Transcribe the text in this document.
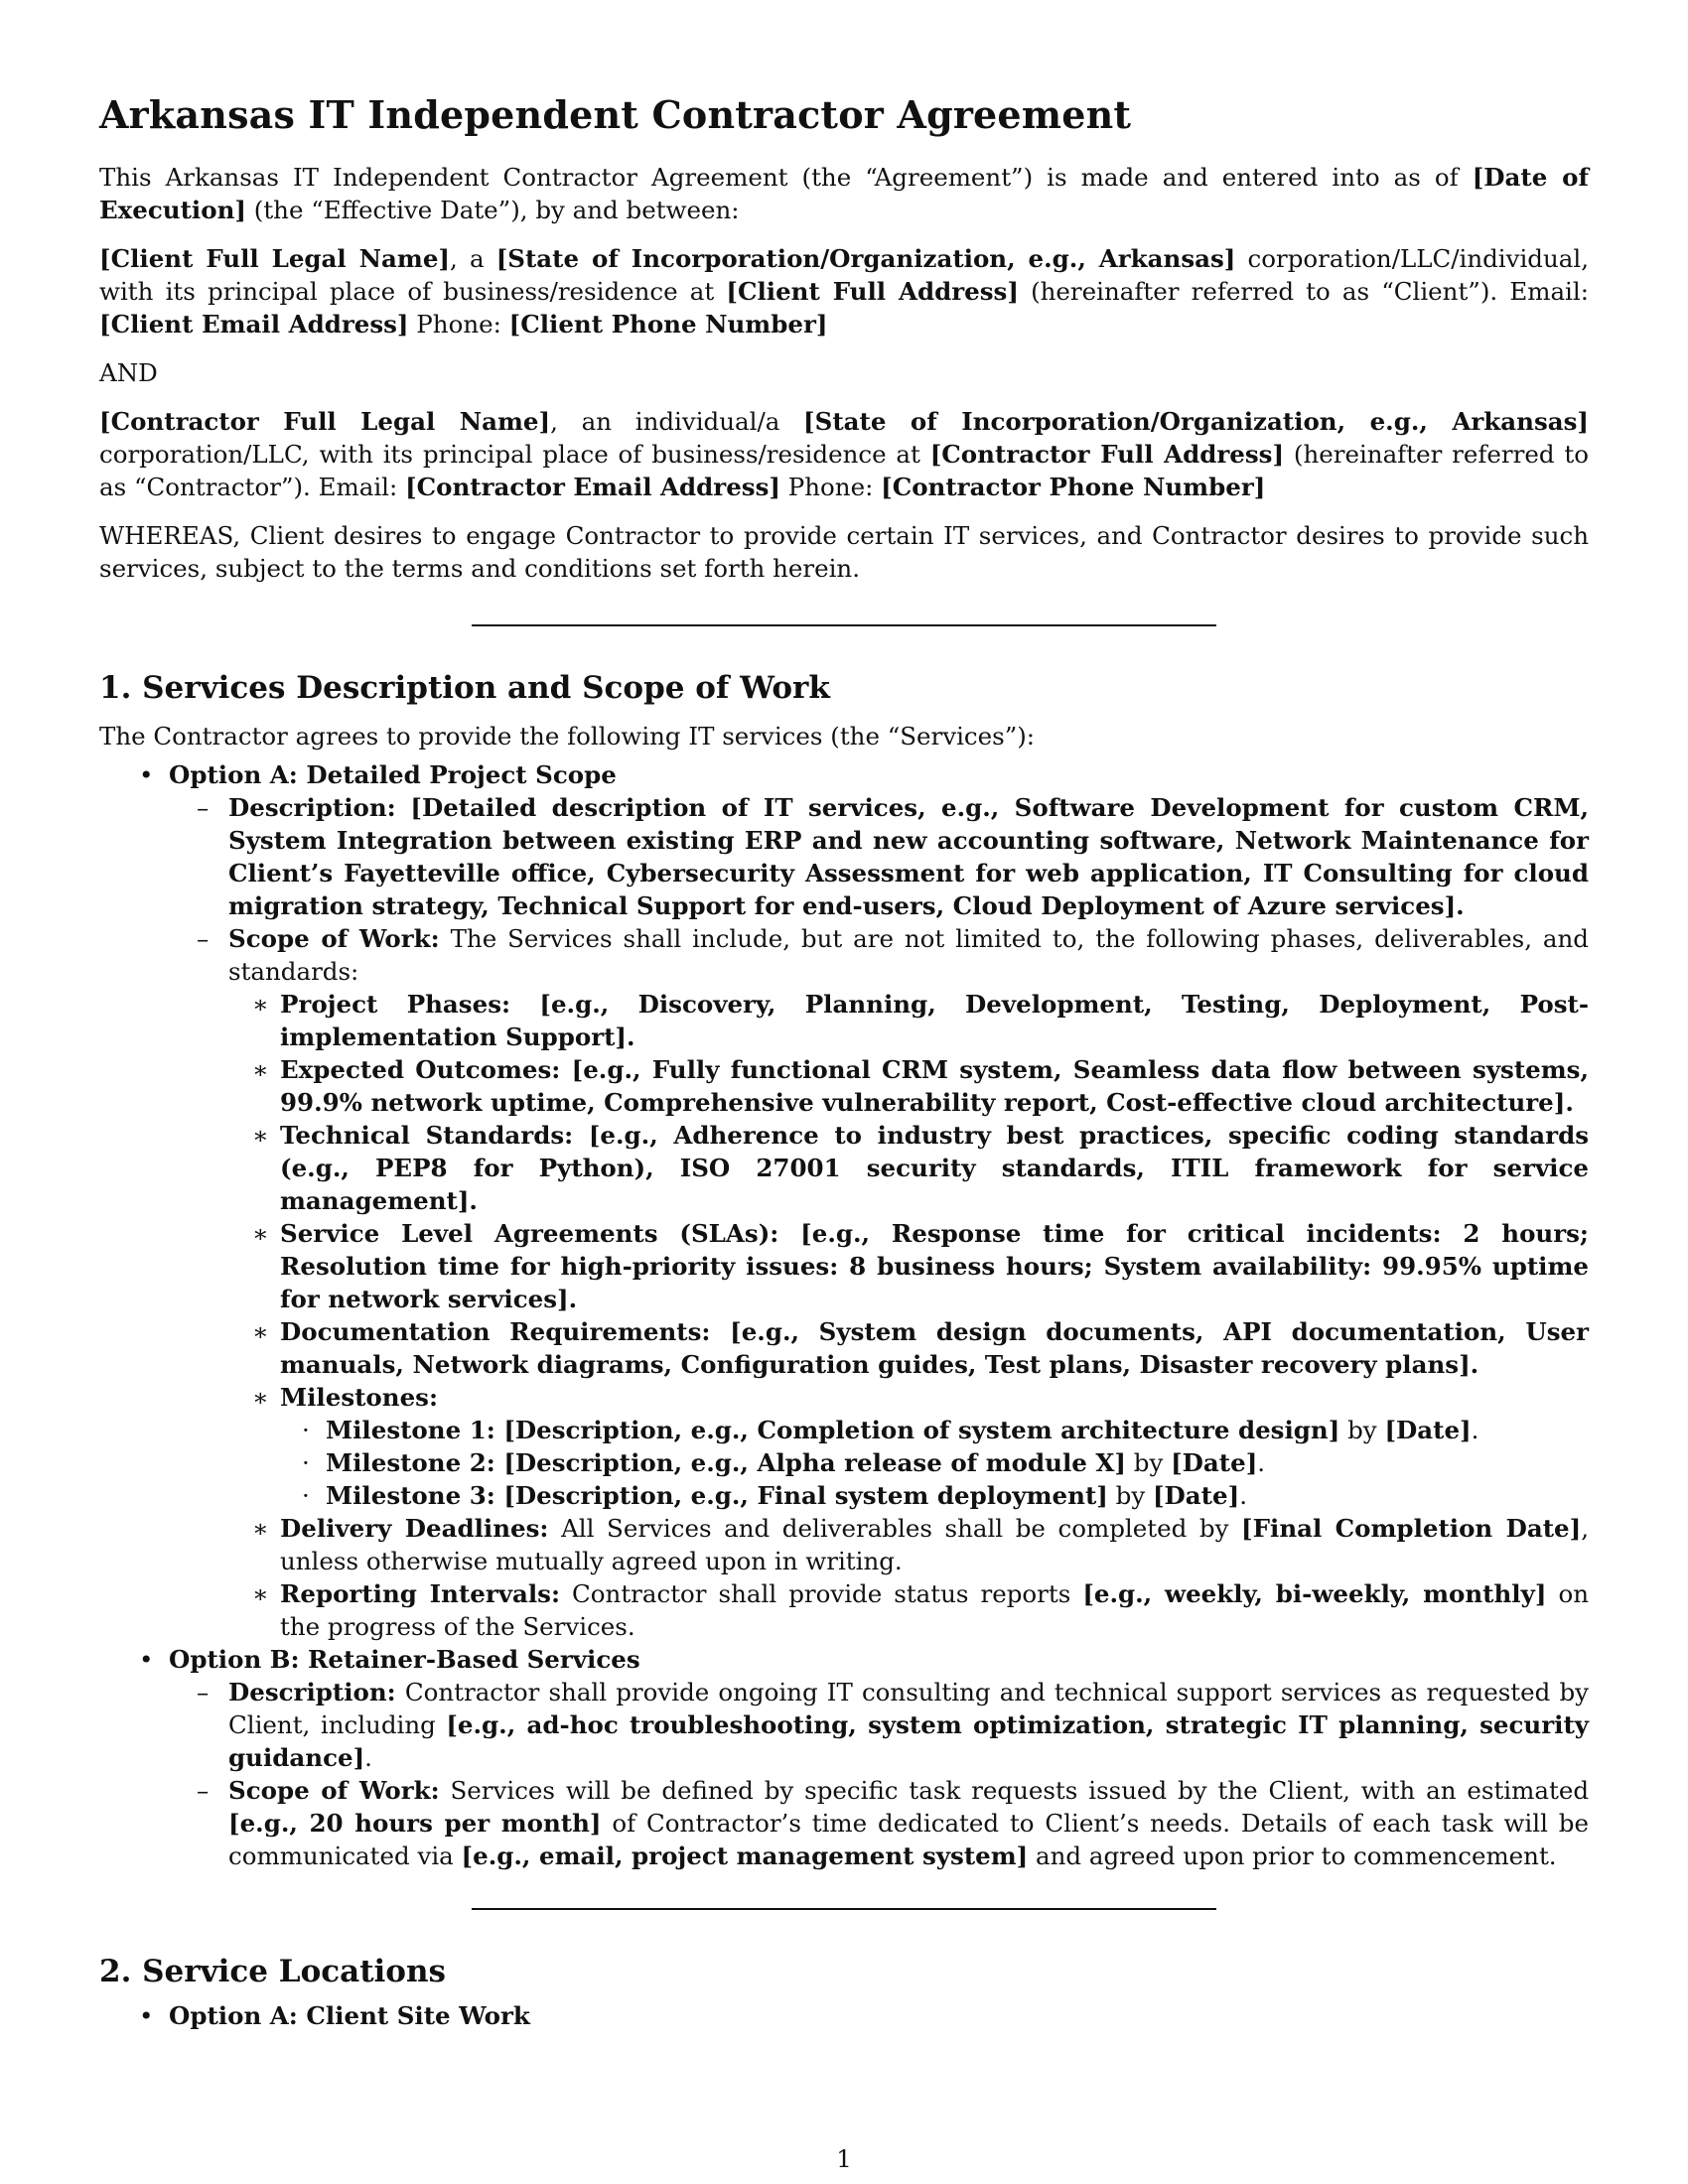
Arkansas IT Independent Contractor Agreement

This Arkansas IT Independent Contractor Agreement (the “Agreement”) is made and entered into as of [Date of Execution] (the “Effective Date”), by and between:

[Client Full Legal Name], a [State of Incorporation/Organization, e.g., Arkansas] corporation/LLC/individual, with its principal place of business/residence at [Client Full Address] (hereinafter referred to as “Client”). Email: [Client Email Address] Phone: [Client Phone Number]

AND

[Contractor Full Legal Name], an individual/a [State of Incorporation/Organization, e.g., Arkansas] corporation/LLC, with its principal place of business/residence at [Contractor Full Address] (hereinafter referred to as “Contractor”). Email: [Contractor Email Address] Phone: [Contractor Phone Number]

WHEREAS, Client desires to engage Contractor to provide certain IT services, and Contractor desires to provide such services, subject to the terms and conditions set forth herein.

1. Services Description and Scope of Work

The Contractor agrees to provide the following IT services (the “Services”):

• Option A: Detailed Project Scope
– Description: [Detailed description of IT services, e.g., Software Development for custom CRM, System Integration between existing ERP and new accounting software, Network Maintenance for Client’s Fayetteville office, Cybersecurity Assessment for web application, IT Consulting for cloud migration strategy, Technical Support for end-users, Cloud Deployment of Azure services].
– Scope of Work: The Services shall include, but are not limited to, the following phases, deliverables, and standards:
∗ Project Phases: [e.g., Discovery, Planning, Development, Testing, Deployment, Post-implementation Support].
∗ Expected Outcomes: [e.g., Fully functional CRM system, Seamless data flow between systems, 99.9% network uptime, Comprehensive vulnerability report, Cost-effective cloud architecture].
∗ Technical Standards: [e.g., Adherence to industry best practices, specific coding standards (e.g., PEP8 for Python), ISO 27001 security standards, ITIL framework for service management].
∗ Service Level Agreements (SLAs): [e.g., Response time for critical incidents: 2 hours; Resolution time for high-priority issues: 8 business hours; System availability: 99.95% uptime for network services].
∗ Documentation Requirements: [e.g., System design documents, API documentation, User manuals, Network diagrams, Configuration guides, Test plans, Disaster recovery plans].
∗ Milestones:
· Milestone 1: [Description, e.g., Completion of system architecture design] by [Date].
· Milestone 2: [Description, e.g., Alpha release of module X] by [Date].
· Milestone 3: [Description, e.g., Final system deployment] by [Date].
∗ Delivery Deadlines: All Services and deliverables shall be completed by [Final Completion Date], unless otherwise mutually agreed upon in writing.
∗ Reporting Intervals: Contractor shall provide status reports [e.g., weekly, bi-weekly, monthly] on the progress of the Services.
• Option B: Retainer-Based Services
– Description: Contractor shall provide ongoing IT consulting and technical support services as requested by Client, including [e.g., ad-hoc troubleshooting, system optimization, strategic IT planning, security guidance].
– Scope of Work: Services will be defined by specific task requests issued by the Client, with an estimated [e.g., 20 hours per month] of Contractor’s time dedicated to Client’s needs. Details of each task will be communicated via [e.g., email, project management system] and agreed upon prior to commencement.
2. Service Locations
• Option A: Client Site Work
1
